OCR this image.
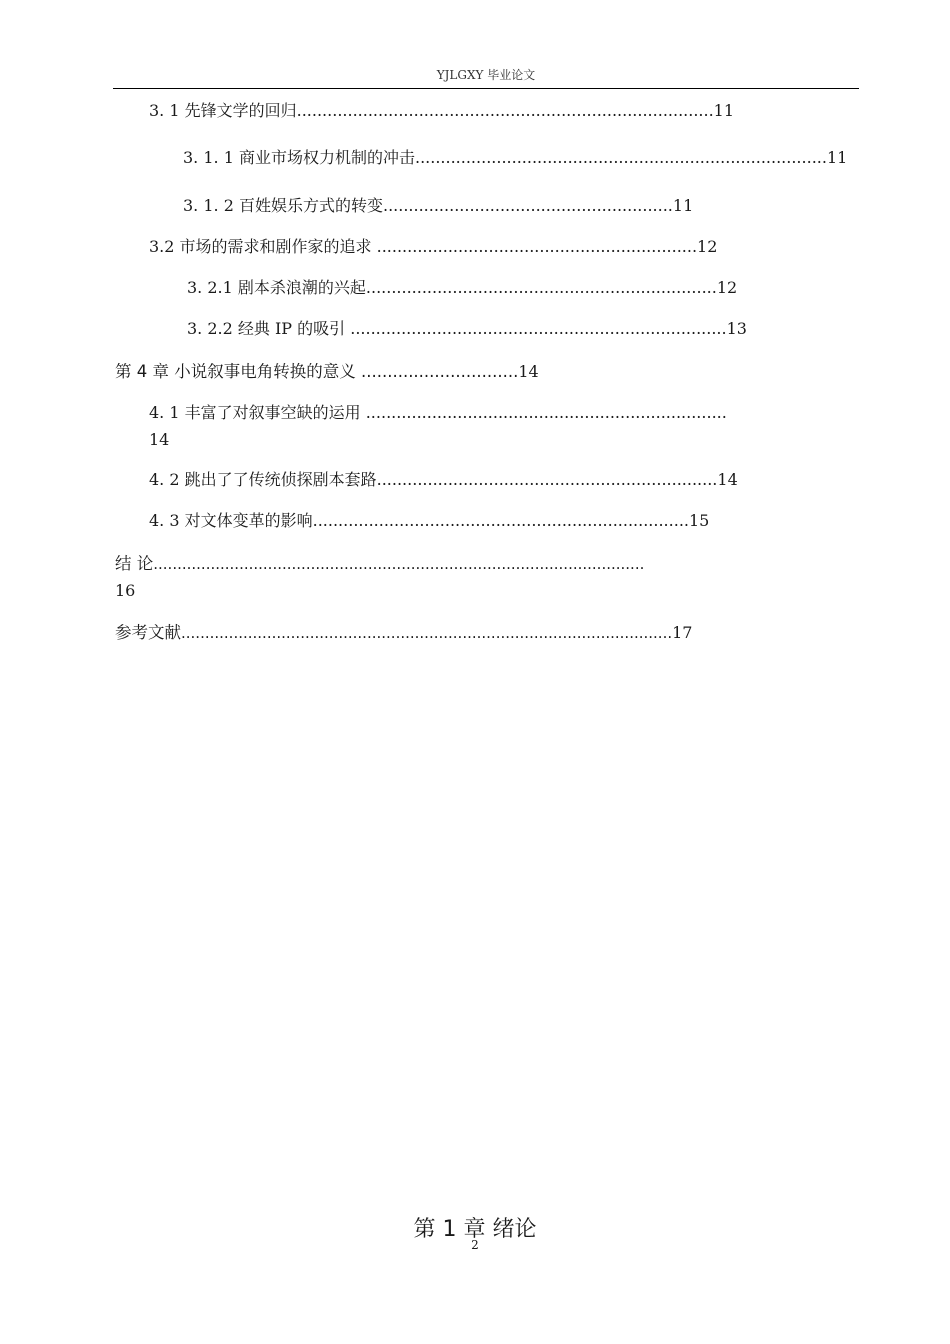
YJLGXY 毕业论文
3. 1 先锋文学的回归..................................................................................11
3. 1. 1 商业市场权力机制的冲击.................................................................................11
3. 1. 2 百姓娱乐方式的转变.........................................................11
3.2 市场的需求和剧作家的追求 ...............................................................12
3. 2.1 剧本杀浪潮的兴起.....................................................................12
3. 2.2 经典 IP 的吸引 ..........................................................................13
第 4 章 小说叙事电角转换的意义 ..............................14
4. 1 丰富了对叙事空缺的运用 .......................................................................
14
4. 2 跳出了了传统侦探剧本套路...................................................................14
4. 3 对文体变革的影响..........................................................................15
结 论.......................................................................................................
16
参考文献.......................................................................................................17
第 1 章 绪论
2
